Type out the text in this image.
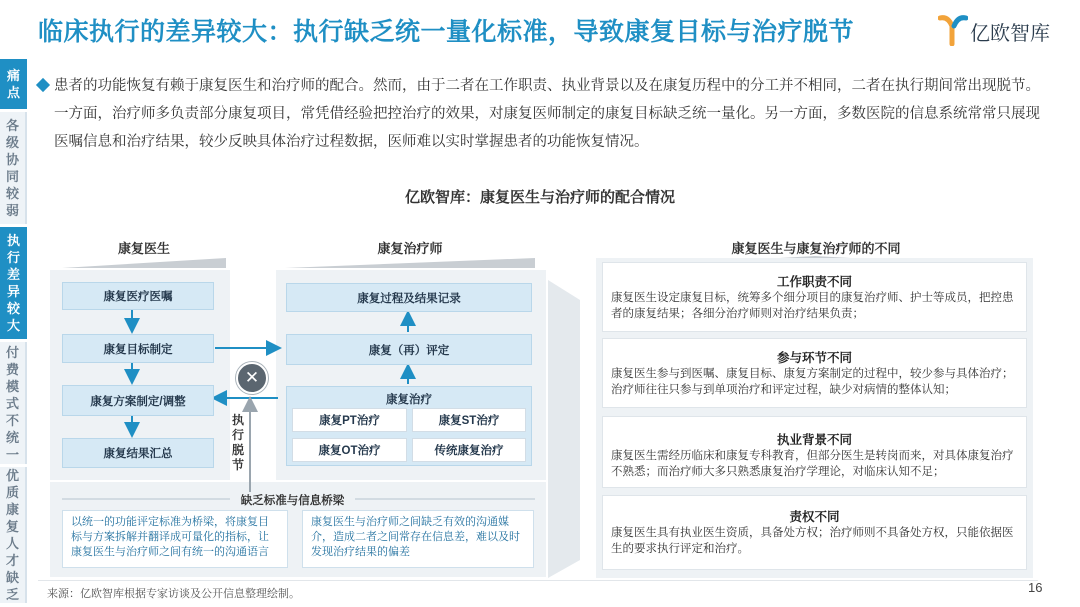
临床执行的差异较大：执行缺乏统一量化标准，导致康复目标与治疗脱节	亿欧智库
痛
点
各
级
协
同
较
弱
执
行
差
异
较
大
付
费
模
式
不
统
一
优
质
康
复
人
才
缺
乏
患者的功能恢复有赖于康复医生和治疗师的配合。然而，由于二者在工作职责、执业背景以及在康复历程中的分工并不相同，二者在执行期间常出现脱节。一方面，治疗师多负责部分康复项目，常凭借经验把控治疗的效果，对康复医师制定的康复目标缺乏统一量化。另一方面，多数医院的信息系统常常只展现医嘱信息和治疗结果，较少反映具体治疗过程数据，医师难以实时掌握患者的功能恢复情况。
亿欧智库：康复医生与治疗师的配合情况
✕
康复医生	康复治疗师	康复医生与康复治疗师的不同
康复医疗医嘱
康复目标制定
康复方案制定/调整
康复结果汇总
康复过程及结果记录
康复（再）评定
康复治疗
康复PT治疗	康复ST治疗
康复OT治疗	传统康复治疗
执行脱节
缺乏标准与信息桥梁
以统一的功能评定标准为桥梁，将康复目标与方案拆解并翻译成可量化的指标，让康复医生与治疗师之间有统一的沟通语言
康复医生与治疗师之间缺乏有效的沟通媒介，造成二者之间常存在信息差，难以及时发现治疗结果的偏差
工作职责不同
康复医生设定康复目标，统筹多个细分项目的康复治疗师、护士等成员，把控患者的康复结果；各细分治疗师则对治疗结果负责；
参与环节不同
康复医生参与到医嘱、康复目标、康复方案制定的过程中，较少参与具体治疗；治疗师往往只参与到单项治疗和评定过程，缺少对病情的整体认知；
执业背景不同
康复医生需经历临床和康复专科教育，但部分医生是转岗而来，对具体康复治疗不熟悉；而治疗师大多只熟悉康复治疗学理论，对临床认知不足；
责权不同
康复医生具有执业医生资质，具备处方权；治疗师则不具备处方权，只能依据医生的要求执行评定和治疗。
来源：亿欧智库根据专家访谈及公开信息整理绘制。	16
